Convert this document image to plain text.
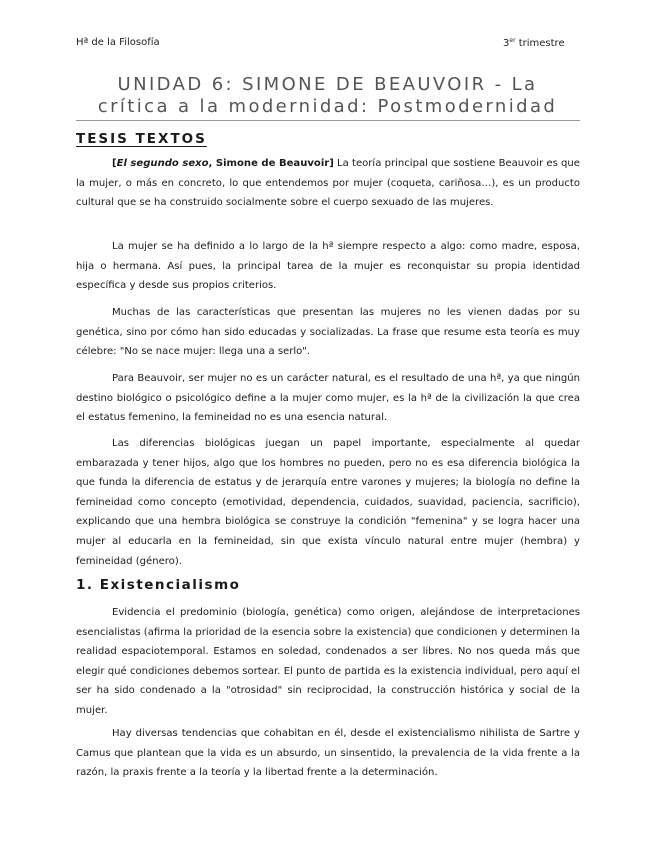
Hª de la Filosofía	3er trimestre
UNIDAD 6: SIMONE DE BEAUVOIR - La
crítica a la modernidad: Postmodernidad
TESIS TEXTOS

[El segundo sexo, Simone de Beauvoir] La teoría principal que sostiene Beauvoir es que la mujer, o más en concreto, lo que entendemos por mujer (coqueta, cariñosa…), es un producto cultural que se ha construido socialmente sobre el cuerpo sexuado de las mujeres.

La mujer se ha definido a lo largo de la hª siempre respecto a algo: como madre, esposa, hija o hermana. Así pues, la principal tarea de la mujer es reconquistar su propia identidad específica y desde sus propios criterios.

Muchas de las características que presentan las mujeres no les vienen dadas por su genética, sino por cómo han sido educadas y socializadas. La frase que resume esta teoría es muy célebre: "No se nace mujer: llega una a serlo".

Para Beauvoir, ser mujer no es un carácter natural, es el resultado de una hª, ya que ningún destino biológico o psicológico define a la mujer como mujer, es la hª de la civilización la que crea el estatus femenino, la femineidad no es una esencia natural.

Las diferencias biológicas juegan un papel importante, especialmente al quedar embarazada y tener hijos, algo que los hombres no pueden, pero no es esa diferencia biológica la que funda la diferencia de estatus y de jerarquía entre varones y mujeres; la biología no define la femineidad como concepto (emotividad, dependencia, cuidados, suavidad, paciencia, sacrificio), explicando que una hembra biológica se construye la condición "femenina" y se logra hacer una mujer al educarla en la femineidad, sin que exista vínculo natural entre mujer (hembra) y femineidad (género).

1. Existencialismo

Evidencia el predominio (biología, genética) como origen, alejándose de interpretaciones esencialistas (afirma la prioridad de la esencia sobre la existencia) que condicionen y determinen la realidad espaciotemporal. Estamos en soledad, condenados a ser libres. No nos queda más que elegir qué condiciones debemos sortear. El punto de partida es la existencia individual, pero aquí el ser ha sido condenado a la "otrosidad" sin reciprocidad, la construcción histórica y social de la mujer.

Hay diversas tendencias que cohabitan en él, desde el existencialismo nihilista de Sartre y Camus que plantean que la vida es un absurdo, un sinsentido, la prevalencia de la vida frente a la razón, la praxis frente a la teoría y la libertad frente a la determinación.
